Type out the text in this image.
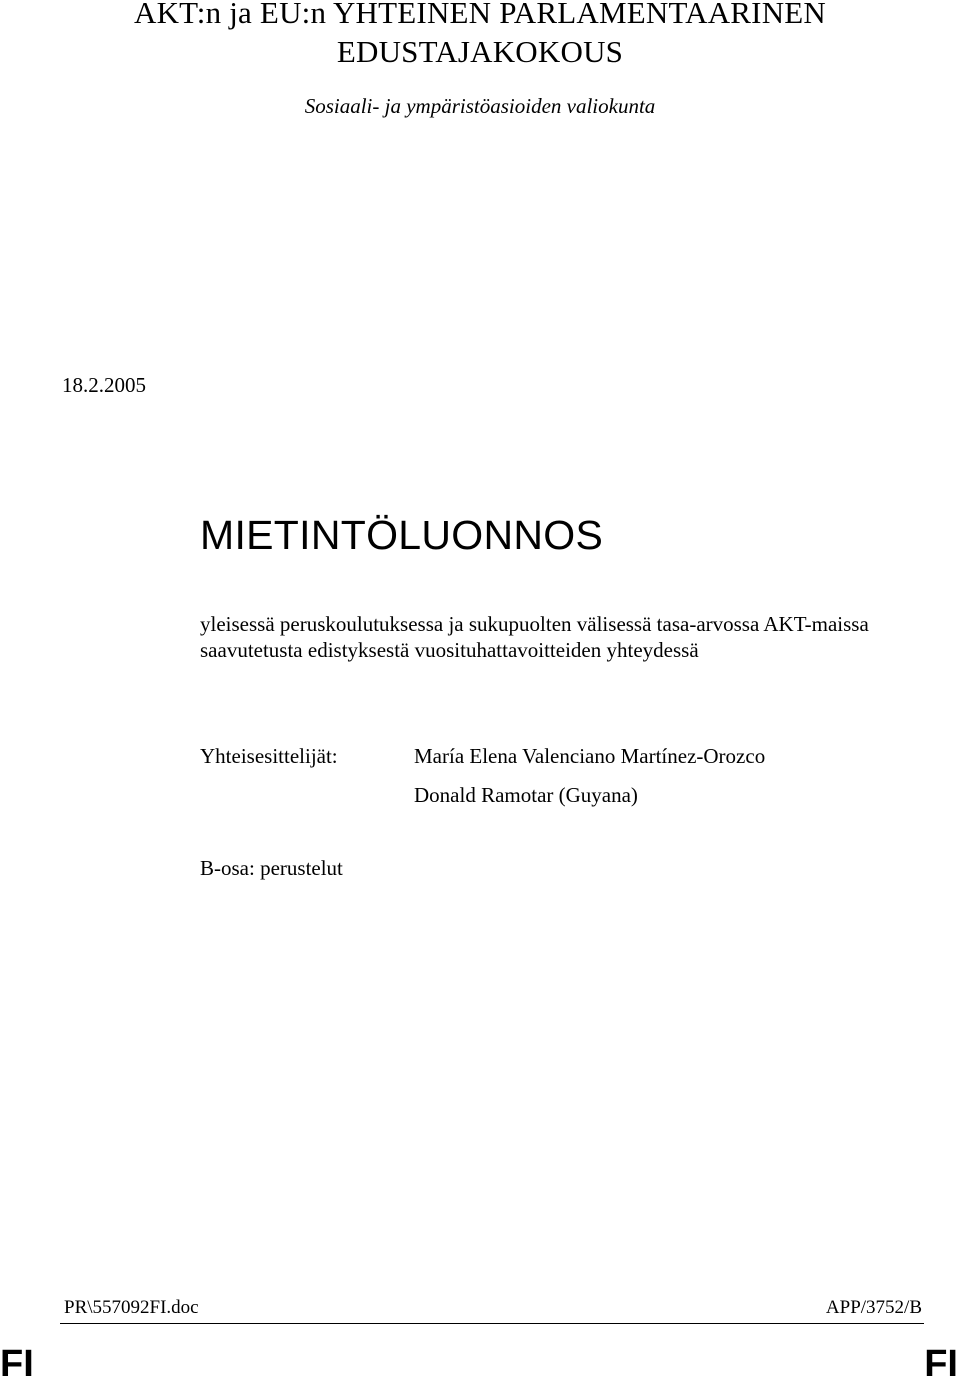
AKT:n ja EU:n YHTEINEN PARLAMENTAARINEN
EDUSTAJAKOKOUS
Sosiaali- ja ympäristöasioiden valiokunta
18.2.2005
MIETINTÖLUONNOS
yleisessä peruskoulutuksessa ja sukupuolten välisessä tasa-arvossa AKT-maissa
saavutetusta edistyksestä vuosituhattavoitteiden yhteydessä
Yhteisesittelijät:	María Elena Valenciano Martínez-Orozco
Donald Ramotar (Guyana)
B-osa: perustelut
PR\557092FI.doc	APP/3752/B
FI	FI
